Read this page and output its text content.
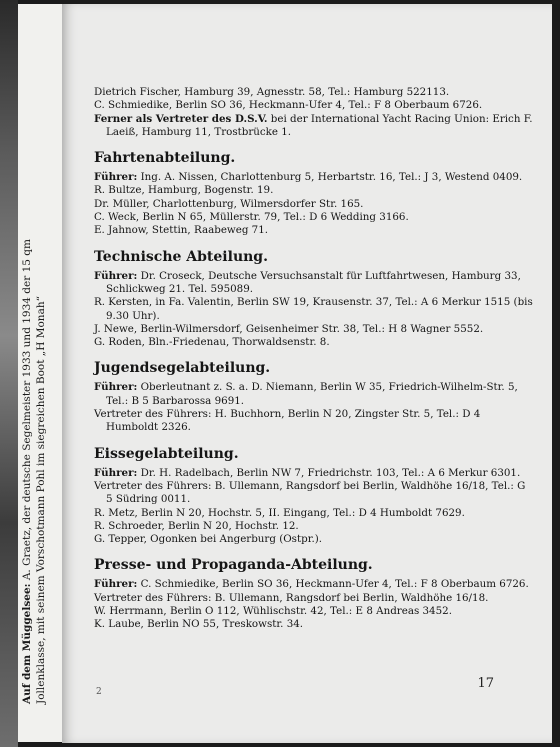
Auf dem Müggelsee: A. Graetz, der deutsche Segelmeister 1933 und 1934 der 15 qm Jollenklasse, mit seinem Vorschotmann Pohl im siegreichen Boot „H Monah“

Dietrich Fischer, Hamburg 39, Agnesstr. 58, Tel.: Hamburg 522113.

C. Schmiedike, Berlin SO 36, Heckmann-Ufer 4, Tel.: F 8 Oberbaum 6726.

Ferner als Vertreter des D.S.V. bei der International Yacht Racing Union: Erich F. Laeiß, Hamburg 11, Trostbrücke 1.

Fahrtenabteilung.

Führer: Ing. A. Nissen, Charlottenburg 5, Herbartstr. 16, Tel.: J 3, Westend 0409.

R. Bultze, Hamburg, Bogenstr. 19.

Dr. Müller, Charlottenburg, Wilmersdorfer Str. 165.

C. Weck, Berlin N 65, Müllerstr. 79, Tel.: D 6 Wedding 3166.

E. Jahnow, Stettin, Raabeweg 71.

Technische Abteilung.

Führer: Dr. Croseck, Deutsche Versuchsanstalt für Luftfahrtwesen, Hamburg 33, Schlickweg 21. Tel. 595089.

R. Kersten, in Fa. Valentin, Berlin SW 19, Krausenstr. 37, Tel.: A 6 Merkur 1515 (bis 9.30 Uhr).

J. Newe, Berlin-Wilmersdorf, Geisenheimer Str. 38, Tel.: H 8 Wagner 5552.

G. Roden, Bln.-Friedenau, Thorwaldsenstr. 8.

Jugendsegelabteilung.

Führer: Oberleutnant z. S. a. D. Niemann, Berlin W 35, Friedrich-Wilhelm-Str. 5, Tel.: B 5 Barbarossa 9691.

Vertreter des Führers: H. Buchhorn, Berlin N 20, Zingster Str. 5, Tel.: D 4 Humboldt 2326.

Eissegelabteilung.

Führer: Dr. H. Radelbach, Berlin NW 7, Friedrichstr. 103, Tel.: A 6 Merkur 6301.

Vertreter des Führers: B. Ullemann, Rangsdorf bei Berlin, Waldhöhe 16/18, Tel.: G 5 Südring 0011.

R. Metz, Berlin N 20, Hochstr. 5, II. Eingang, Tel.: D 4 Humboldt 7629.

R. Schroeder, Berlin N 20, Hochstr. 12.

G. Tepper, Ogonken bei Angerburg (Ostpr.).

Presse- und Propaganda-Abteilung.

Führer: C. Schmiedike, Berlin SO 36, Heckmann-Ufer 4, Tel.: F 8 Oberbaum 6726.

Vertreter des Führers: B. Ullemann, Rangsdorf bei Berlin, Waldhöhe 16/18.

W. Herrmann, Berlin O 112, Wühlischstr. 42, Tel.: E 8 Andreas 3452.

K. Laube, Berlin NO 55, Treskowstr. 34.

2
17
